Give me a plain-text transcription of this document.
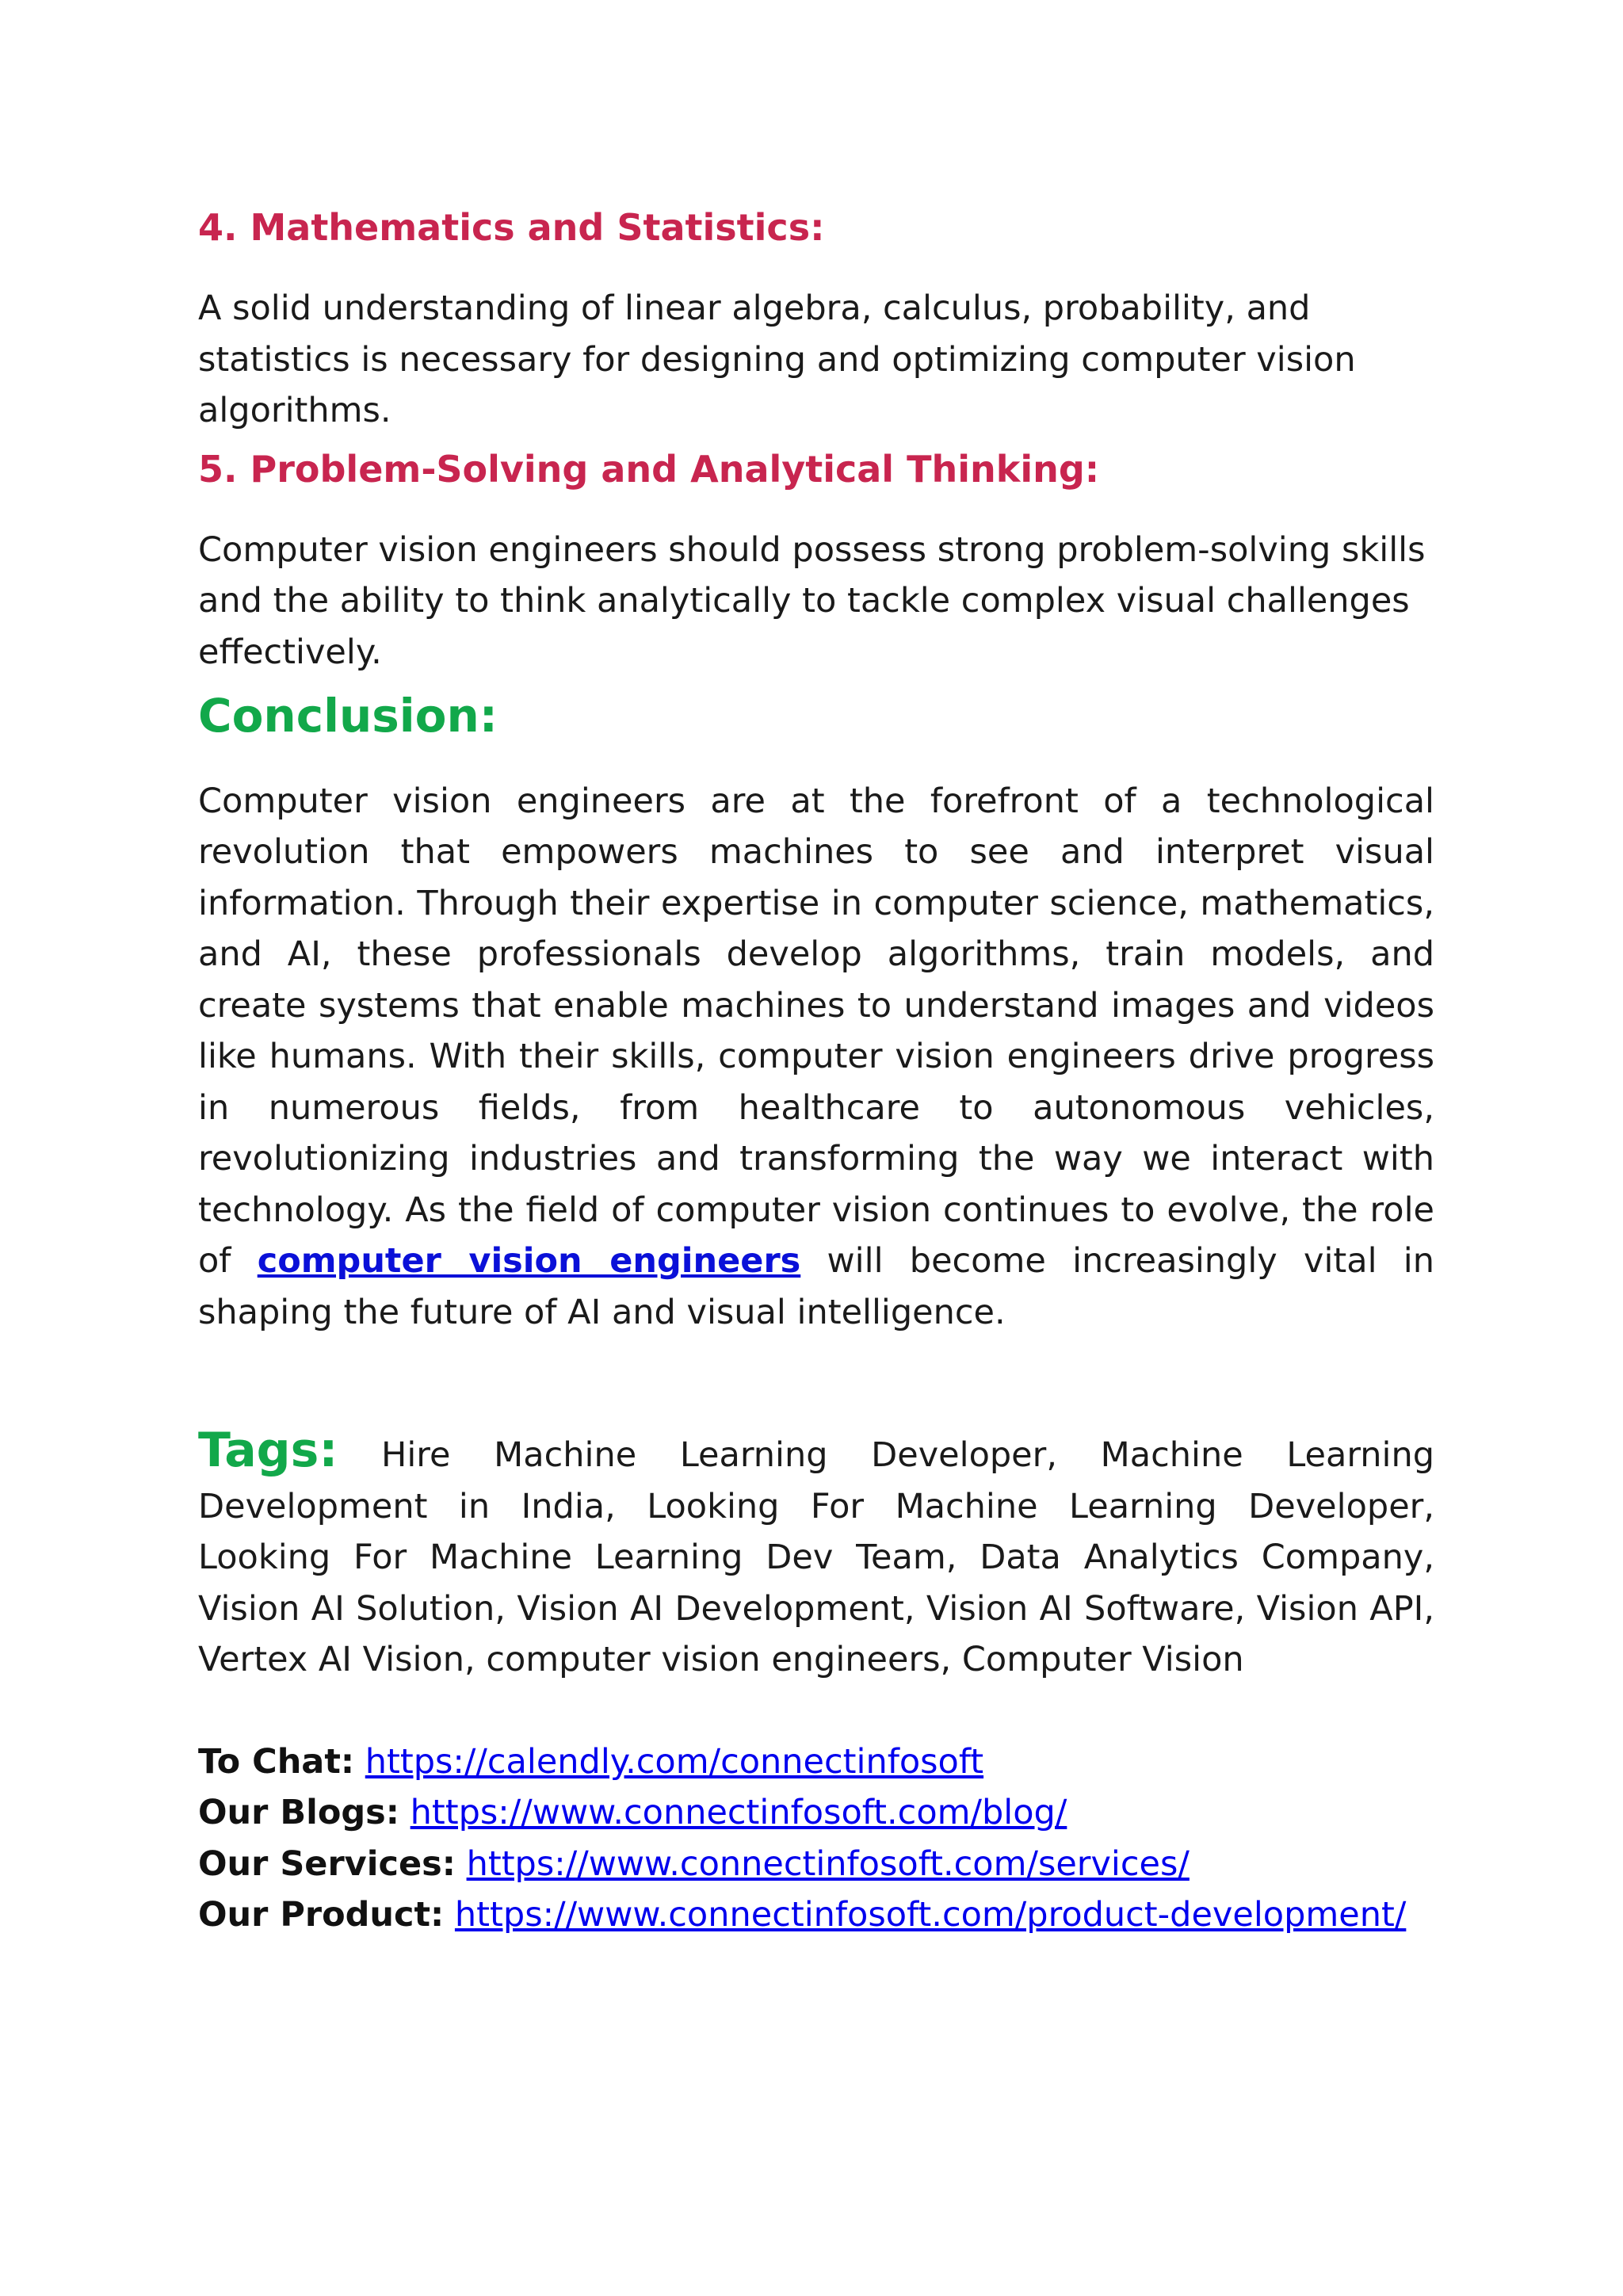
4. Mathematics and Statistics:

A solid understanding of linear algebra, calculus, probability, and statistics is necessary for designing and optimizing computer vision algorithms.

5. Problem-Solving and Analytical Thinking:

Computer vision engineers should possess strong problem-solving skills and the ability to think analytically to tackle complex visual challenges effectively.

Conclusion:

Computer vision engineers are at the forefront of a technological revolution that empowers machines to see and interpret visual information. Through their expertise in computer science, mathematics, and AI, these professionals develop algorithms, train models, and create systems that enable machines to understand images and videos like humans. With their skills, computer vision engineers drive progress in numerous fields, from healthcare to autonomous vehicles, revolutionizing industries and transforming the way we interact with technology. As the field of computer vision continues to evolve, the role of computer vision engineers will become increasingly vital in shaping the future of AI and visual intelligence.

Tags: Hire Machine Learning Developer, Machine Learning Development in India, Looking For Machine Learning Developer, Looking For Machine Learning Dev Team, Data Analytics Company, Vision AI Solution, Vision AI Development, Vision AI Software, Vision API, Vertex AI Vision, computer vision engineers, Computer Vision

To Chat: https://calendly.com/connectinfosoft

Our Blogs: https://www.connectinfosoft.com/blog/

Our Services: https://www.connectinfosoft.com/services/

Our Product: https://www.connectinfosoft.com/product-development/
